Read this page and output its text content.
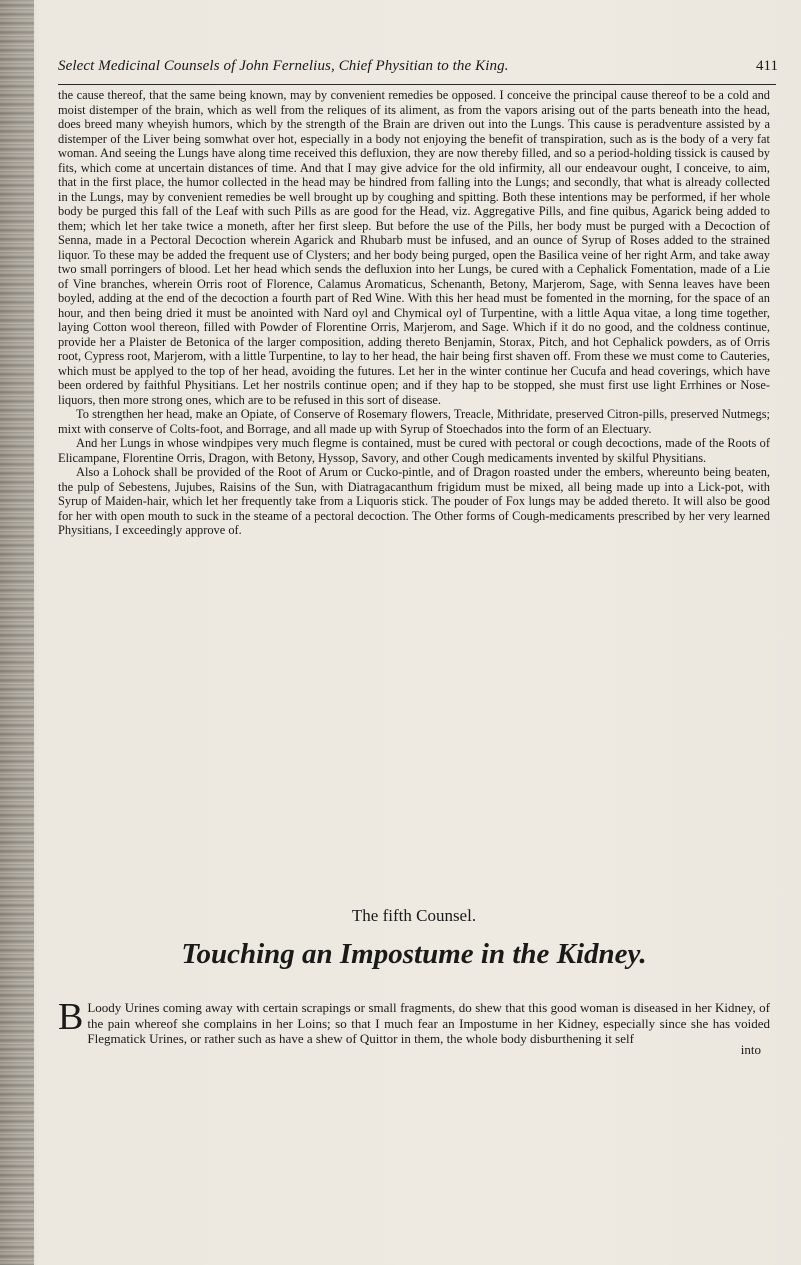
Select Medicinal Counsels of John Fernelius, Chief Physitian to the King.	411

the cause thereof, that the same being known, may by convenient remedies be opposed. I conceive the principal cause thereof to be a cold and moist distemper of the brain, which as well from the reliques of its aliment, as from the vapors arising out of the parts beneath into the head, does breed many wheyish humors, which by the strength of the Brain are driven out into the Lungs. This cause is peradventure assisted by a distemper of the Liver being somwhat over hot, especially in a body not enjoying the benefit of transpiration, such as is the body of a very fat woman. And seeing the Lungs have along time received this defluxion, they are now thereby filled, and so a period-holding tissick is caused by fits, which come at uncertain distances of time. And that I may give advice for the old infirmity, all our endeavour ought, I conceive, to aim, that in the first place, the humor collected in the head may be hindred from falling into the Lungs; and secondly, that what is already collected in the Lungs, may by convenient remedies be well brought up by coughing and spitting. Both these intentions may be performed, if her whole body be purged this fall of the Leaf with such Pills as are good for the Head, viz. Aggregative Pills, and fine quibus, Agarick being added to them; which let her take twice a moneth, after her first sleep. But before the use of the Pills, her body must be purged with a Decoction of Senna, made in a Pectoral Decoction wherein Agarick and Rhubarb must be infused, and an ounce of Syrup of Roses added to the strained liquor. To these may be added the frequent use of Clysters; and her body being purged, open the Basilica veine of her right Arm, and take away two small porringers of blood. Let her head which sends the defluxion into her Lungs, be cured with a Cephalick Fomentation, made of a Lie of Vine branches, wherein Orris root of Florence, Calamus Aromaticus, Schenanth, Betony, Marjerom, Sage, with Senna leaves have been boyled, adding at the end of the decoction a fourth part of Red Wine. With this her head must be fomented in the morning, for the space of an hour, and then being dried it must be anointed with Nard oyl and Chymical oyl of Turpentine, with a little Aqua vitae, a long time together, laying Cotton wool thereon, filled with Powder of Florentine Orris, Marjerom, and Sage. Which if it do no good, and the coldness continue, provide her a Plaister de Betonica of the larger composition, adding thereto Benjamin, Storax, Pitch, and hot Cephalick powders, as of Orris root, Cypress root, Marjerom, with a little Turpentine, to lay to her head, the hair being first shaven off. From these we must come to Cauteries, which must be applyed to the top of her head, avoiding the futures. Let her in the winter continue her Cucufa and head coverings, which have been ordered by faithful Physitians. Let her nostrils continue open; and if they hap to be stopped, she must first use light Errhines or Nose-liquors, then more strong ones, which are to be refused in this sort of disease.

To strengthen her head, make an Opiate, of Conserve of Rosemary flowers, Treacle, Mithridate, preserved Citron-pills, preserved Nutmegs; mixt with conserve of Colts-foot, and Borrage, and all made up with Syrup of Stoechados into the form of an Electuary.

And her Lungs in whose windpipes very much flegme is contained, must be cured with pectoral or cough decoctions, made of the Roots of Elicampane, Florentine Orris, Dragon, with Betony, Hyssop, Savory, and other Cough medicaments invented by skilful Physitians.

Also a Lohock shall be provided of the Root of Arum or Cucko-pintle, and of Dragon roasted under the embers, whereunto being beaten, the pulp of Sebestens, Jujubes, Raisins of the Sun, with Diatragacanthum frigidum must be mixed, all being made up into a Lick-pot, with Syrup of Maiden-hair, which let her frequently take from a Liquoris stick. The pouder of Fox lungs may be added thereto. It will also be good for her with open mouth to suck in the steame of a pectoral decoction. The Other forms of Cough-medicaments prescribed by her very learned Physitians, I exceedingly approve of.

The fifth Counsel.
Touching an Impostume in the Kidney.
B Loody Urines coming away with certain scrapings or small fragments, do shew that this good woman is diseased in her Kidney, of the pain whereof she complains in her Loins; so that I much fear an Impostume in her Kidney, especially since she has voided Flegmatick Urines, or rather such as have a shew of Quittor in them, the whole body disburthening it self
into
